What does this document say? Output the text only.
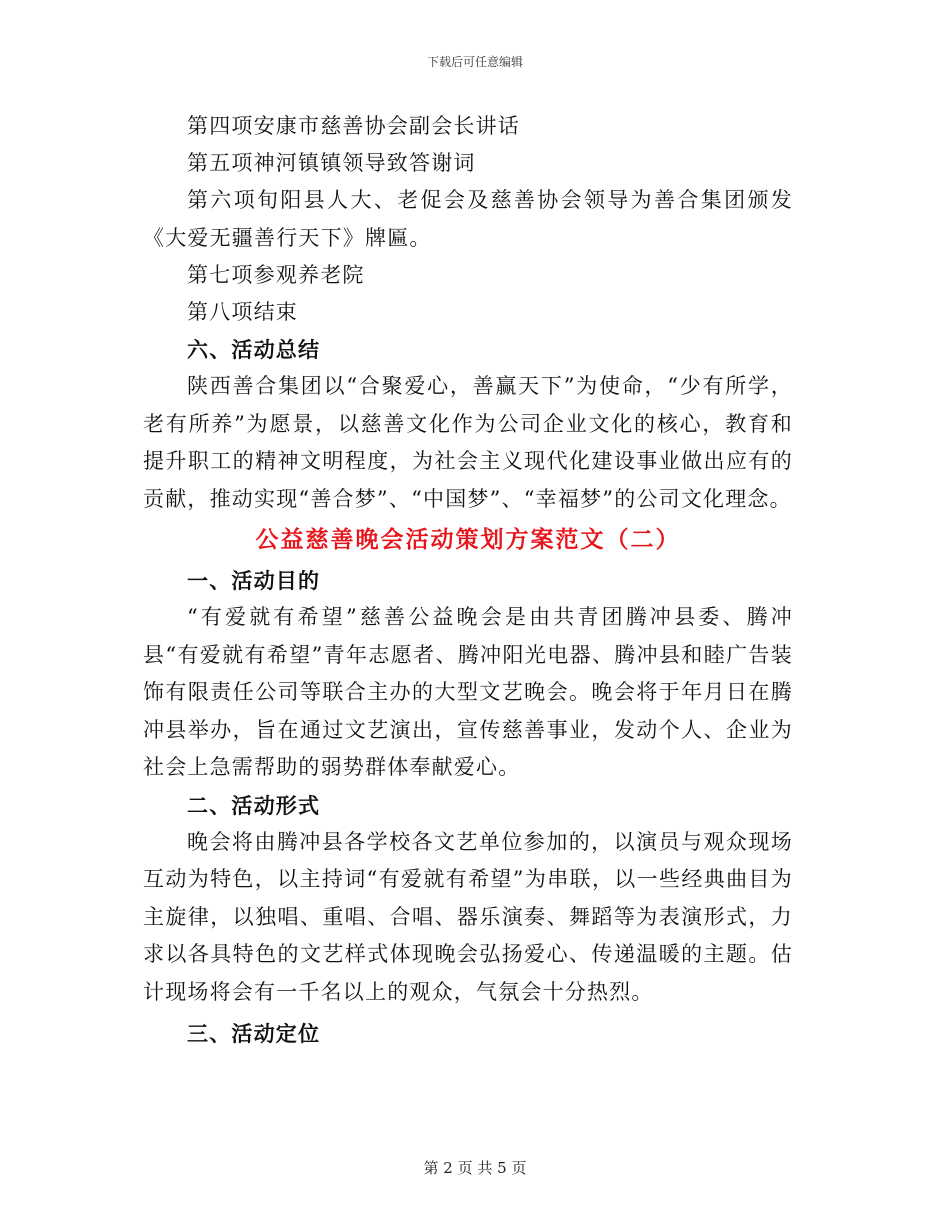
下载后可任意编辑

第四项安康市慈善协会副会长讲话

第五项神河镇镇领导致答谢词

第六项旬阳县人大、老促会及慈善协会领导为善合集团颁发《大爱无疆善行天下》牌匾。

第七项参观养老院

第八项结束

六、活动总结

陕西善合集团以“合聚爱心，善赢天下”为使命，“少有所学，老有所养”为愿景，以慈善文化作为公司企业文化的核心，教育和提升职工的精神文明程度，为社会主义现代化建设事业做出应有的贡献，推动实现“善合梦”、“中国梦”、“幸福梦”的公司文化理念。

公益慈善晚会活动策划方案范文（二）

一、活动目的

“有爱就有希望”慈善公益晚会是由共青团腾冲县委、腾冲县“有爱就有希望”青年志愿者、腾冲阳光电器、腾冲县和睦广告装饰有限责任公司等联合主办的大型文艺晚会。晚会将于年月日在腾冲县举办，旨在通过文艺演出，宣传慈善事业，发动个人、企业为社会上急需帮助的弱势群体奉献爱心。

二、活动形式

晚会将由腾冲县各学校各文艺单位参加的，以演员与观众现场互动为特色，以主持词“有爱就有希望”为串联，以一些经典曲目为主旋律，以独唱、重唱、合唱、器乐演奏、舞蹈等为表演形式，力求以各具特色的文艺样式体现晚会弘扬爱心、传递温暖的主题。估计现场将会有一千名以上的观众，气氛会十分热烈。

三、活动定位

第 2 页 共 5 页
